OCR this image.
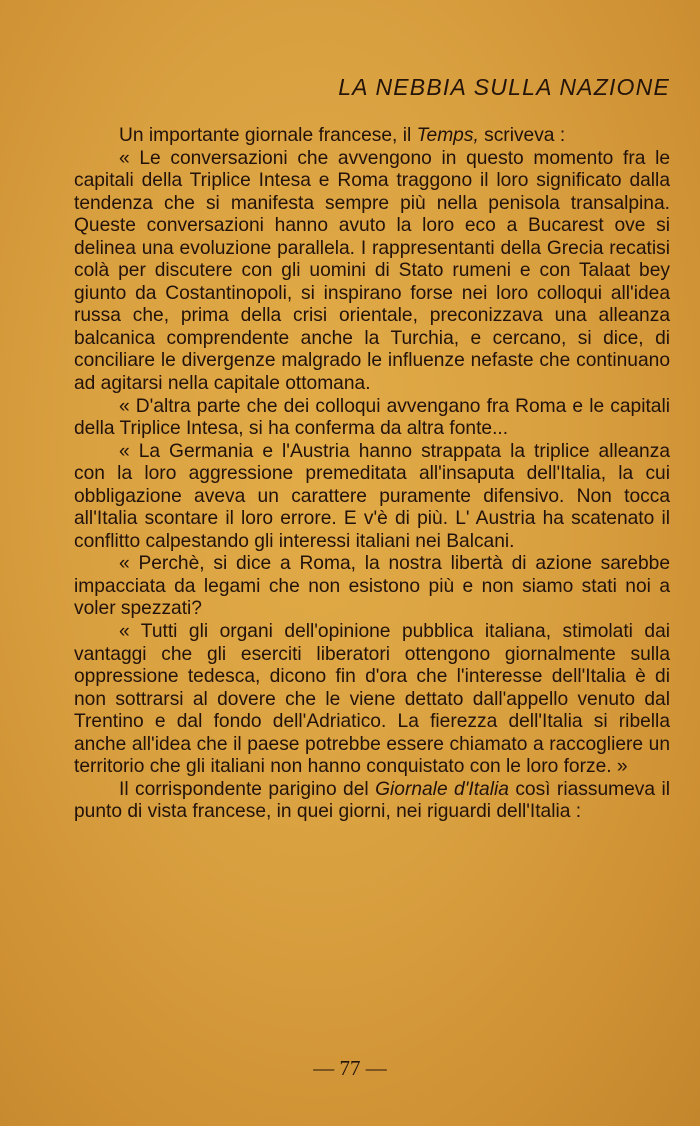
LA NEBBIA SULLA NAZIONE

Un importante giornale francese, il Temps, scriveva :

« Le conversazioni che avvengono in questo momento fra le capitali della Triplice Intesa e Roma traggono il loro significato dalla tendenza che si manifesta sempre più nella penisola transalpina. Queste conversazioni hanno avuto la loro eco a Bucarest ove si delinea una evoluzione parallela. I rappresentanti della Grecia recatisi colà per discutere con gli uomini di Stato rumeni e con Talaat bey giunto da Costantinopoli, si inspirano forse nei loro colloqui all'idea russa che, prima della crisi orientale, preconizzava una alleanza balcanica comprendente anche la Turchia, e cercano, si dice, di conciliare le divergenze malgrado le influenze nefaste che continuano ad agitarsi nella capitale ottomana.

« D'altra parte che dei colloqui avvengano fra Roma e le capitali della Triplice Intesa, si ha conferma da altra fonte...

« La Germania e l'Austria hanno strappata la triplice alleanza con la loro aggressione premeditata all'insaputa dell'Italia, la cui obbligazione aveva un carattere puramente difensivo. Non tocca all'Italia scontare il loro errore. E v'è di più. L' Austria ha scatenato il conflitto calpestando gli interessi italiani nei Balcani.

« Perchè, si dice a Roma, la nostra libertà di azione sarebbe impacciata da legami che non esistono più e non siamo stati noi a voler spezzati?

« Tutti gli organi dell'opinione pubblica italiana, stimolati dai vantaggi che gli eserciti liberatori ottengono giornalmente sulla oppressione tedesca, dicono fin d'ora che l'interesse dell'Italia è di non sottrarsi al dovere che le viene dettato dall'appello venuto dal Trentino e dal fondo dell'Adriatico. La fierezza dell'Italia si ribella anche all'idea che il paese potrebbe essere chiamato a raccogliere un territorio che gli italiani non hanno conquistato con le loro forze. »

Il corrispondente parigino del Giornale d'Italia così riassumeva il punto di vista francese, in quei giorni, nei riguardi dell'Italia :

— 77 —
